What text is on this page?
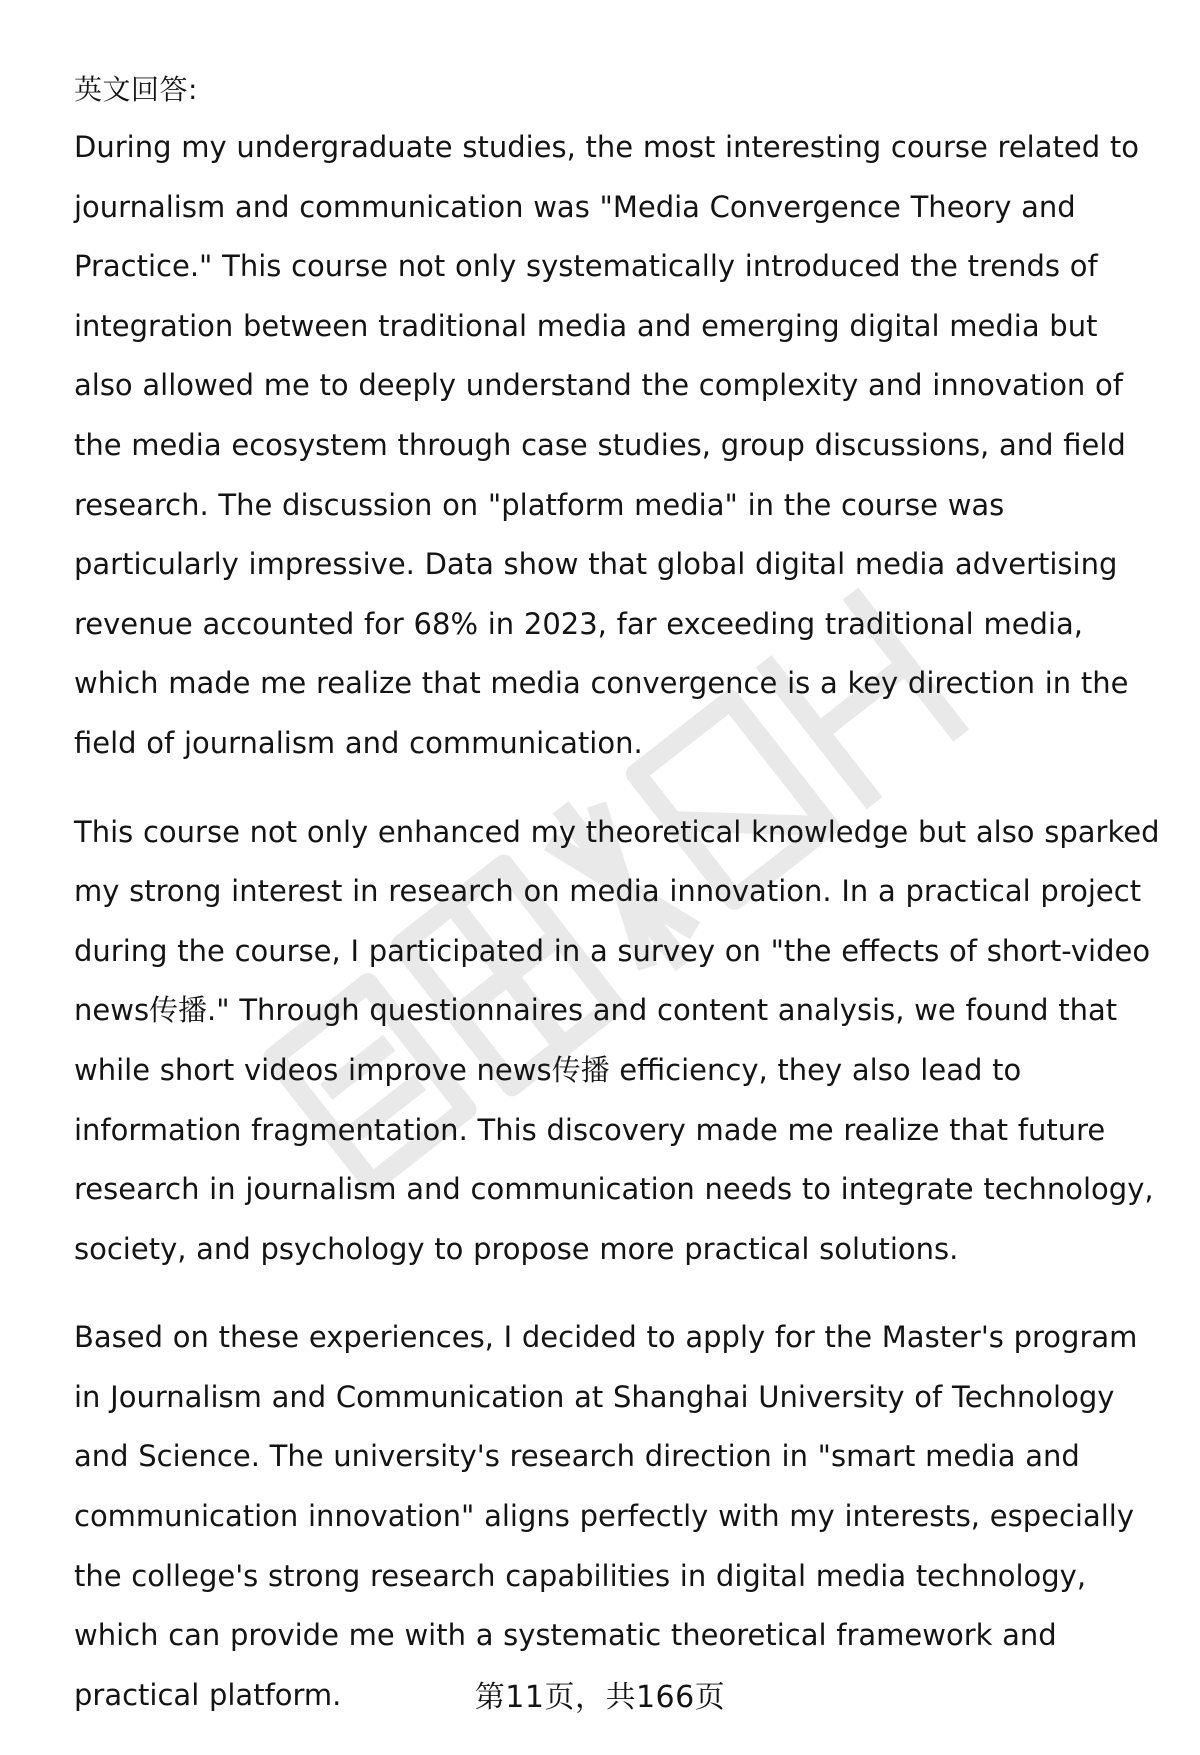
英文回答:

During my undergraduate studies, the most interesting course related to journalism and communication was "Media Convergence Theory and Practice." This course not only systematically introduced the trends of integration between traditional media and emerging digital media but also allowed me to deeply understand the complexity and innovation of the media ecosystem through case studies, group discussions, and field research. The discussion on "platform media" in the course was particularly impressive. Data show that global digital media advertising revenue accounted for 68% in 2023, far exceeding traditional media, which made me realize that media convergence is a key direction in the field of journalism and communication.

This course not only enhanced my theoretical knowledge but also sparked my strong interest in research on media innovation. In a practical project during the course, I participated in a survey on "the effects of short-video news传播." Through questionnaires and content analysis, we found that while short videos improve news传播 efficiency, they also lead to information fragmentation. This discovery made me realize that future research in journalism and communication needs to integrate technology, society, and psychology to propose more practical solutions.

Based on these experiences, I decided to apply for the Master's program in Journalism and Communication at Shanghai University of Technology and Science. The university's research direction in "smart media and communication innovation" aligns perfectly with my interests, especially the college's strong research capabilities in digital media technology, which can provide me with a systematic theoretical framework and practical platform.	第11页，共166页
